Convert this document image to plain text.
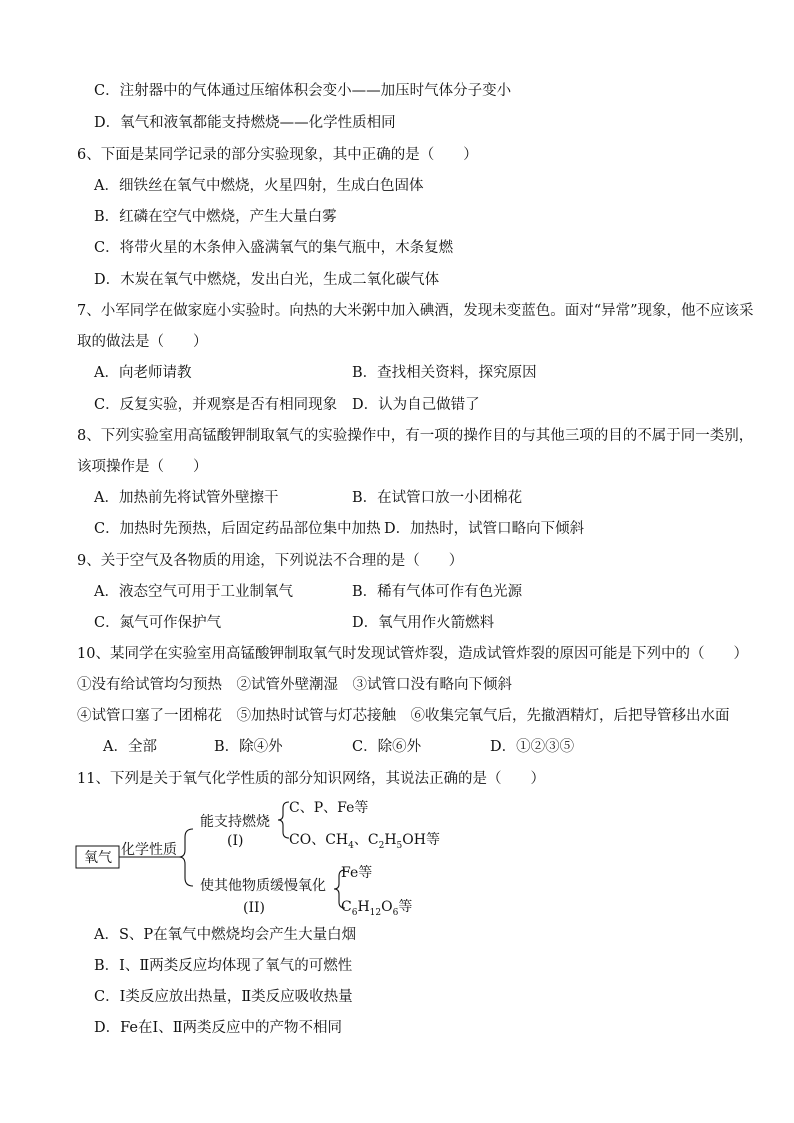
C．注射器中的气体通过压缩体积会变小——加压时气体分子变小
D．氧气和液氧都能支持燃烧——化学性质相同
6、下面是某同学记录的部分实验现象，其中正确的是（　　）
A．细铁丝在氧气中燃烧，火星四射，生成白色固体
B．红磷在空气中燃烧，产生大量白雾
C．将带火星的木条伸入盛满氧气的集气瓶中，木条复燃
D．木炭在氧气中燃烧，发出白光，生成二氧化碳气体
7、小军同学在做家庭小实验时。向热的大米粥中加入碘酒，发现未变蓝色。面对“异常”现象，他不应该采
取的做法是（　　）
A．向老师请教	B．查找相关资料，探究原因
C．反复实验，并观察是否有相同现象 D．认为自己做错了
8、下列实验室用高锰酸钾制取氧气的实验操作中，有一项的操作目的与其他三项的目的不属于同一类别，
该项操作是（　　）
A．加热前先将试管外壁擦干	B．在试管口放一小团棉花
C．加热时先预热，后固定药品部位集中加热 D．加热时，试管口略向下倾斜
9、关于空气及各物质的用途，下列说法不合理的是（　　）
A．液态空气可用于工业制氧气	B．稀有气体可作有色光源
C．氮气可作保护气	D．氧气用作火箭燃料
10、某同学在实验室用高锰酸钾制取氧气时发现试管炸裂，造成试管炸裂的原因可能是下列中的（　　）
①没有给试管均匀预热　②试管外壁潮湿　③试管口没有略向下倾斜
④试管口塞了一团棉花　⑤加热时试管与灯芯接触　⑥收集完氧气后，先撤酒精灯，后把导管移出水面
A．全部	B．除④外	C．除⑥外	D．①②③⑤
11、下列是关于氧气化学性质的部分知识网络，其说法正确的是（　　）
氧气 化学性质
能支持燃烧
(I)
C、P、Fe等
CO、$CH_4$、$C_2H_5OH$等
使其他物质缓慢氧化
(II)
Fe等
$C_6H_{12}O_6$等
A．S、P在氧气中燃烧均会产生大量白烟
B．Ⅰ、Ⅱ两类反应均体现了氧气的可燃性
C．Ⅰ类反应放出热量，Ⅱ类反应吸收热量
D．Fe在Ⅰ、Ⅱ两类反应中的产物不相同
